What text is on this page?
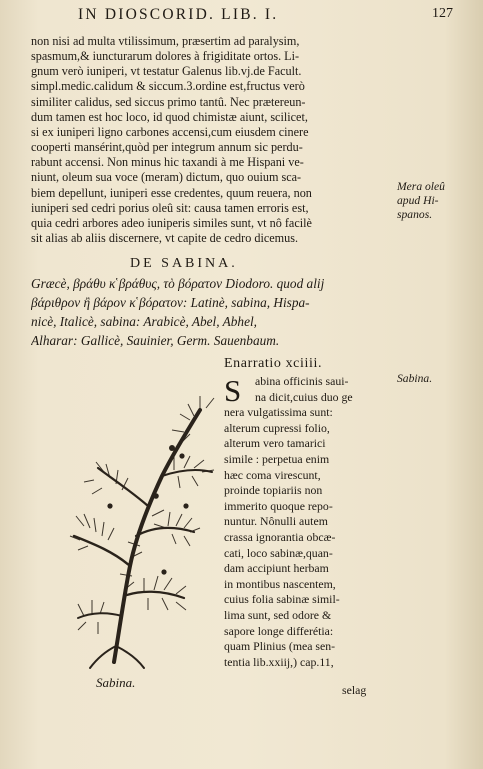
IN DIOSCORID. LIB. I.	127
non nisi ad multa vtilissimum, præsertim ad paralysim,
spasmum,& iuncturarum dolores à frigiditate ortos. Li-
gnum verò iuniperi, vt testatur Galenus lib.vj.de Facult.
simpl.medic.calidum & siccum.3.ordine est,fructus verò
similiter calidus, sed siccus primo tantû. Nec prætereun-
dum tamen est hoc loco, id quod chimistæ aiunt, scilicet,
si ex iuniperi ligno carbones accensi,cum eiusdem cinere
cooperti mansérint,quòd per integrum annum sic perdu-
rabunt accensi. Non minus hic taxandi à me Hispani ve-
niunt, oleum sua voce (meram) dictum, quo ouium sca-
biem depellunt, iuniperi esse credentes, quum reuera, non
iuniperi sed cedri porius oleû sit: causa tamen erroris est,
quia cedri arbores adeo iuniperis similes sunt, vt nô facilè
sit alias ab aliis discernere, vt capite de cedro dicemus.
Mera oleû
apud Hi-
spanos.
DE SABINA.
Græcè, βράθυ κ̔ βράθυς, τὸ βόρατον Diodoro. quod alij
βάριθρον ἢ βάρον κ̔ βόρατον: Latinè, sabina, Hispa-
nicè, Italicè, sabina: Arabicè, Abel, Abhel,
Alharar: Gallicè, Sauinier, Germ. Sauenbaum.
Enarratio xciiii.
S	abina officinis saui-
na dicit,cuius duo ge
nera vulgatissima sunt:
alterum cupressi folio,
alterum vero tamarici
simile : perpetua enim
hæc coma virescunt,
proinde topiariis non
immerito quoque repo-
nuntur. Nônulli autem
crassa ignorantia obcæ-
cati, loco sabinæ,quan-
dam accipiunt herbam
in montibus nascentem,
cuius folia sabinæ simil-
lima sunt, sed odore &
sapore longe differétia:
quam Plinius (mea sen-
tentia lib.xxiij,) cap.11,
Sabina.
Sabina.	selag
